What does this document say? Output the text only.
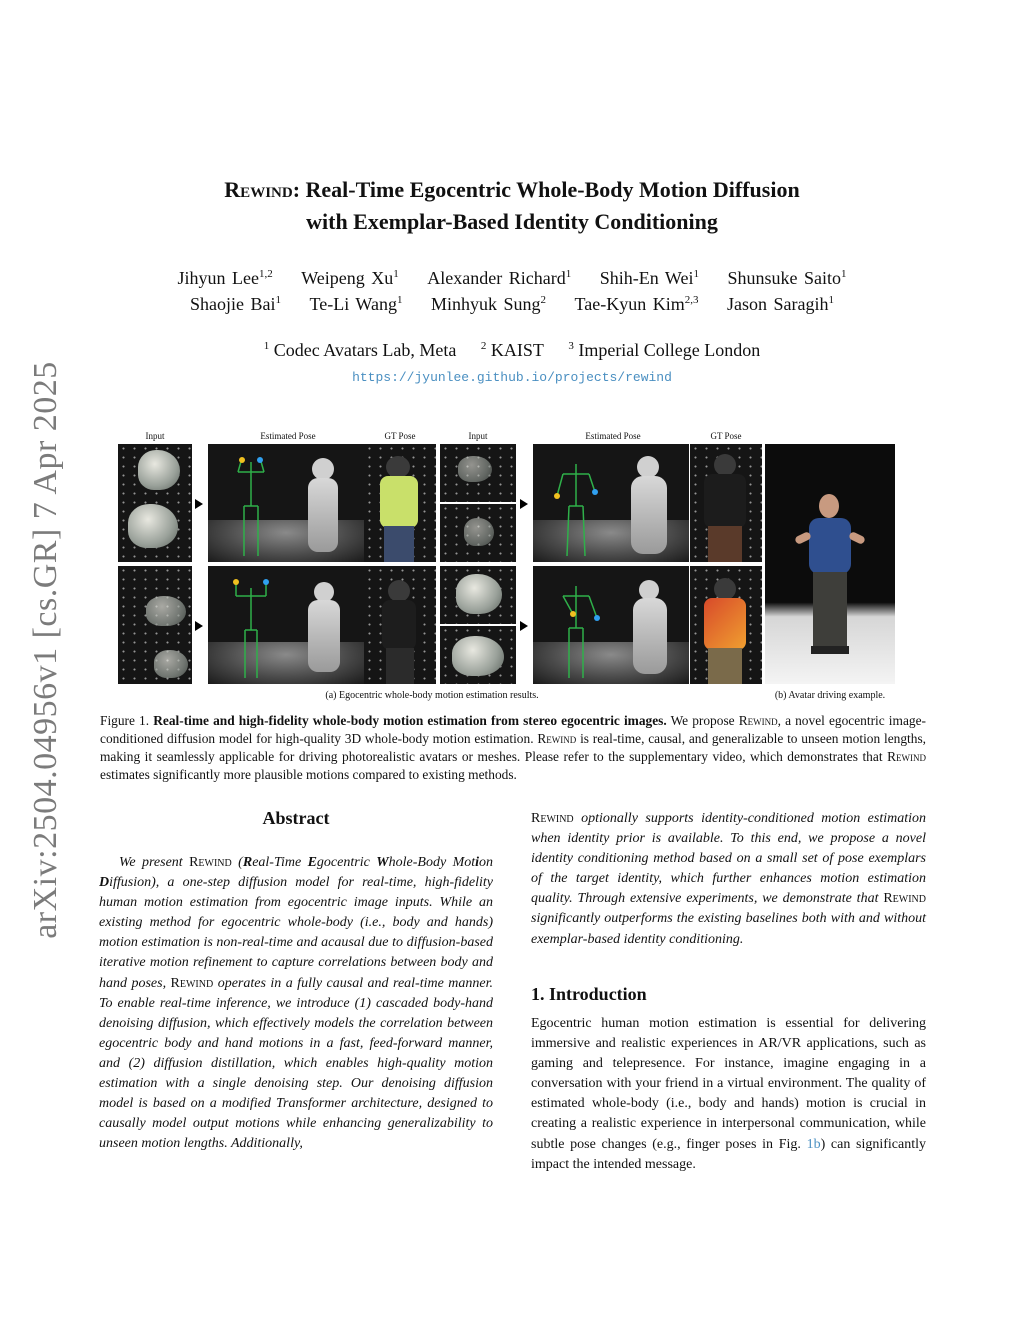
arXiv:2504.04956v1 [cs.GR] 7 Apr 2025
Rewind: Real-Time Egocentric Whole-Body Motion Diffusion
with Exemplar-Based Identity Conditioning
Jihyun Lee$^{1,2}$ Weipeng Xu$^1$ Alexander Richard$^1$ Shih-En Wei$^1$ Shunsuke Saito$^1$
Shaojie Bai$^1$ Te-Li Wang$^1$ Minhyuk Sung$^2$ Tae-Kyun Kim$^{2,3}$ Jason Saragih$^1$
$^1$ Codec Avatars Lab, Meta $^2$ KAIST $^3$ Imperial College London
https://jyunlee.github.io/projects/rewind
Input	Estimated Pose	GT Pose	Input	Estimated Pose	GT Pose
(a) Egocentric whole-body motion estimation results.	(b) Avatar driving example.
Figure 1. Real-time and high-fidelity whole-body motion estimation from stereo egocentric images. We propose Rewind, a novel egocentric image-conditioned diffusion model for high-quality 3D whole-body motion estimation. Rewind is real-time, causal, and generalizable to unseen motion lengths, making it seamlessly applicable for driving photorealistic avatars or meshes. Please refer to the supplementary video, which demonstrates that Rewind estimates significantly more plausible motions compared to existing methods.
Abstract

We present Rewind (Real-Time Egocentric Whole-Body Motion Diffusion), a one-step diffusion model for real-time, high-fidelity human motion estimation from egocentric image inputs. While an existing method for egocentric whole-body (i.e., body and hands) motion estimation is non-real-time and acausal due to diffusion-based iterative motion refinement to capture correlations between body and hand poses, Rewind operates in a fully causal and real-time manner. To enable real-time inference, we introduce (1) cascaded body-hand denoising diffusion, which effectively models the correlation between egocentric body and hand motions in a fast, feed-forward manner, and (2) diffusion distillation, which enables high-quality motion estimation with a single denoising step. Our denoising diffusion model is based on a modified Transformer architecture, designed to causally model output motions while enhancing generalizability to unseen motion lengths. Additionally,

Rewind optionally supports identity-conditioned motion estimation when identity prior is available. To this end, we propose a novel identity conditioning method based on a small set of pose exemplars of the target identity, which further enhances motion estimation quality. Through extensive experiments, we demonstrate that Rewind significantly outperforms the existing baselines both with and without exemplar-based identity conditioning.

1. Introduction

Egocentric human motion estimation is essential for delivering immersive and realistic experiences in AR/VR applications, such as gaming and telepresence. For instance, imagine engaging in a conversation with your friend in a virtual environment. The quality of estimated whole-body (i.e., body and hands) motion is crucial in creating a realistic experience in interpersonal communication, while subtle pose changes (e.g., finger poses in Fig. 1b) can significantly impact the intended message.
